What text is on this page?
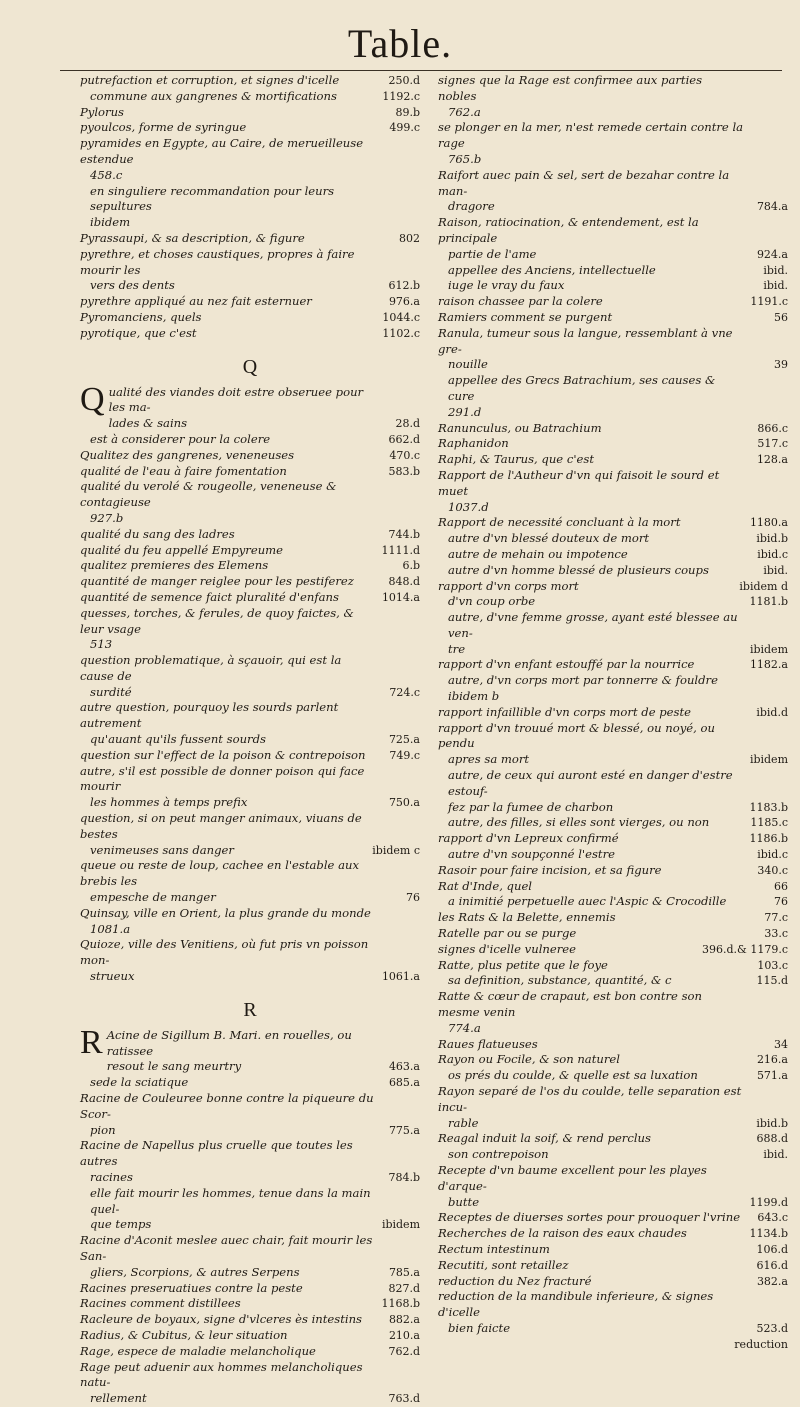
Table.
putrefaction et corruption, et signes d'icelle	250.d
commune aux gangrenes & mortifications	1192.c
Pylorus	89.b
pyoulcos, forme de syringue	499.c
pyramides en Egypte, au Caire, de merueilleuse estendue
458.c
en singuliere recommandation pour leurs sepultures
ibidem
Pyrassaupi, & sa description, & figure	802
pyrethre, et choses caustiques, propres à faire mourir les
vers des dents	612.b
pyrethre appliqué au nez fait esternuer	976.a
Pyromanciens, quels	1044.c
pyrotique, que c'est	1102.c
Q
Q ualité des viandes doit estre obseruee pour les ma-
lades & sains	28.d
est à considerer pour la colere	662.d
Qualitez des gangrenes, veneneuses	470.c
qualité de l'eau à faire fomentation	583.b
qualité du verolé & rougeolle, veneneuse & contagieuse
927.b
qualité du sang des ladres	744.b
qualité du feu appellé Empyreume	1111.d
qualitez premieres des Elemens	6.b
quantité de manger reiglee pour les pestiferez	848.d
quantité de semence faict pluralité d'enfans	1014.a
quesses, torches, & ferules, de quoy faictes, & leur vsage
513
question problematique, à sçauoir, qui est la cause de
surdité	724.c
autre question, pourquoy les sourds parlent autrement
qu'auant qu'ils fussent sourds	725.a
question sur l'effect de la poison & contrepoison	749.c
autre, s'il est possible de donner poison qui face mourir
les hommes à temps prefix	750.a
question, si on peut manger animaux, viuans de bestes
venimeuses sans danger	ibidem c
queue ou reste de loup, cachee en l'estable aux brebis les
empesche de manger	76
Quinsay, ville en Orient, la plus grande du monde
1081.a
Quioze, ville des Venitiens, où fut pris vn poisson mon-
strueux	1061.a
R
R Acine de Sigillum B. Mari. en rouelles, ou ratissee
resout le sang meurtry	463.a
sede la sciatique	685.a
Racine de Couleuree bonne contre la piqueure du Scor-
pion	775.a
Racine de Napellus plus cruelle que toutes les autres
racines	784.b
elle fait mourir les hommes, tenue dans la main quel-
que temps	ibidem
Racine d'Aconit meslee auec chair, fait mourir les San-
gliers, Scorpions, & autres Serpens	785.a
Racines preseruatiues contre la peste	827.d
Racines comment distillees	1168.b
Racleure de boyaux, signe d'vlceres ès intestins	882.a
Radius, & Cubitus, & leur situation	210.a
Rage, espece de maladie melancholique	762.d
Rage peut aduenir aux hommes melancholiques natu-
rellement	763.d
signes que la Rage est confirmee aux parties nobles
762.a
se plonger en la mer, n'est remede certain contre la rage
765.b
Raifort auec pain & sel, sert de bezahar contre la man-
dragore	784.a
Raison, ratiocination, & entendement, est la principale
partie de l'ame	924.a
appellee des Anciens, intellectuelle	ibid.
iuge le vray du faux	ibid.
raison chassee par la colere	1191.c
Ramiers comment se purgent	56
Ranula, tumeur sous la langue, ressemblant à vne gre-
nouille	39
appellee des Grecs Batrachium, ses causes & cure
291.d
Ranunculus, ou Batrachium	866.c
Raphanidon	517.c
Raphi, & Taurus, que c'est	128.a
Rapport de l'Autheur d'vn qui faisoit le sourd et muet
1037.d
Rapport de necessité concluant à la mort	1180.a
autre d'vn blessé douteux de mort	ibid.b
autre de mehain ou impotence	ibid.c
autre d'vn homme blessé de plusieurs coups	ibid.
rapport d'vn corps mort	ibidem d
d'vn coup orbe	1181.b
autre, d'vne femme grosse, ayant esté blessee au ven-
tre	ibidem
rapport d'vn enfant estouffé par la nourrice	1182.a
autre, d'vn corps mort par tonnerre & fouldre
ibidem b
rapport infaillible d'vn corps mort de peste	ibid.d
rapport d'vn trouué mort & blessé, ou noyé, ou pendu
apres sa mort	ibidem
autre, de ceux qui auront esté en danger d'estre estouf-
fez par la fumee de charbon	1183.b
autre, des filles, si elles sont vierges, ou non	1185.c
rapport d'vn Lepreux confirmé	1186.b
autre d'vn soupçonné l'estre	ibid.c
Rasoir pour faire incision, et sa figure	340.c
Rat d'Inde, quel	66
a inimitié perpetuelle auec l'Aspic & Crocodille	76
les Rats & la Belette, ennemis	77.c
Ratelle par ou se purge	33.c
signes d'icelle vulneree	396.d.& 1179.c
Ratte, plus petite que le foye	103.c
sa definition, substance, quantité, & c	115.d
Ratte & cœur de crapaut, est bon contre son mesme venin
774.a
Raues flatueuses	34
Rayon ou Focile, & son naturel	216.a
os prés du coulde, & quelle est sa luxation	571.a
Rayon separé de l'os du coulde, telle separation est incu-
rable	ibid.b
Reagal induit la soif, & rend perclus	688.d
son contrepoison	ibid.
Recepte d'vn baume excellent pour les playes d'arque-
butte	1199.d
Receptes de diuerses sortes pour prouoquer l'vrine	643.c
Recherches de la raison des eaux chaudes	1134.b
Rectum intestinum	106.d
Recutiti, sont retaillez	616.d
reduction du Nez fracturé	382.a
reduction de la mandibule inferieure, & signes d'icelle
bien faicte	523.d
reduction
